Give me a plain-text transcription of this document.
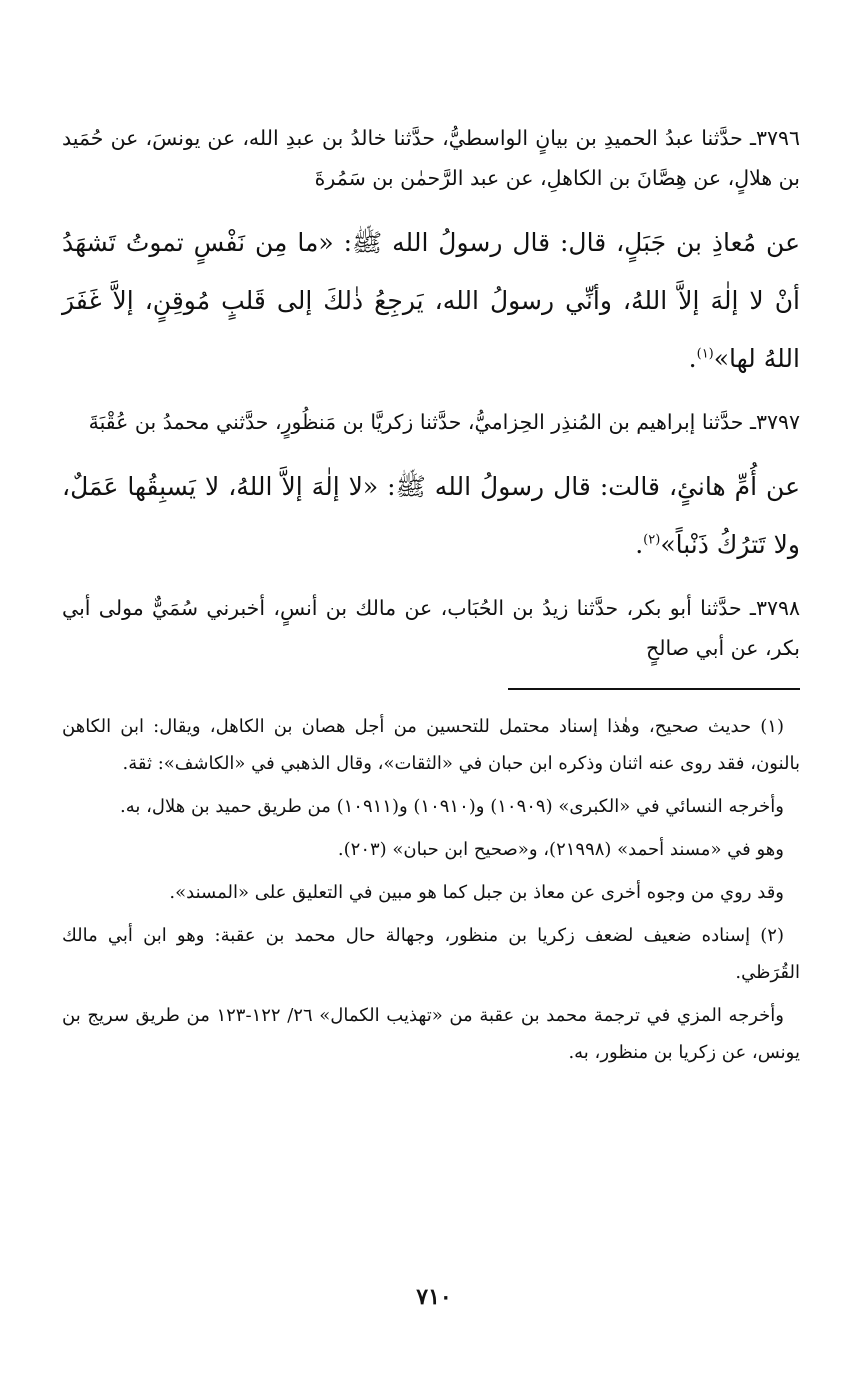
٣٧٩٦ـ حدَّثنا عبدُ الحميدِ بن بيانٍ الواسطيُّ، حدَّثنا خالدُ بن عبدِ الله، عن يونسَ، عن حُمَيد بن هلالٍ، عن هِصَّانَ بن الكاهلِ، عن عبد الرَّحمٰن بن سَمُرةَ

عن مُعاذِ بن جَبَلٍ، قال: قال رسولُ الله ﷺ: «ما مِن نَفْسٍ تموتُ تَشهَدُ أنْ لا إلٰهَ إلاَّ اللهُ، وأنِّي رسولُ الله، يَرجِعُ ذٰلكَ إلى قَلبٍ مُوقِنٍ، إلاَّ غَفَرَ اللهُ لها»$^{(١)}$.

٣٧٩٧ـ حدَّثنا إبراهيم بن المُنذِر الحِزاميُّ، حدَّثنا زكريَّا بن مَنظُورٍ، حدَّثني محمدُ بن عُقْبَةَ

عن أُمِّ هانئٍ، قالت: قال رسولُ الله ﷺ: «لا إلٰهَ إلاَّ اللهُ، لا يَسبِقُها عَمَلٌ، ولا تَترُكُ ذَنْباً»$^{(٢)}$.

٣٧٩٨ـ حدَّثنا أبو بكر، حدَّثنا زيدُ بن الحُبَاب، عن مالك بن أنسٍ، أخبرني سُمَيٌّ مولى أبي بكر، عن أبي صالحٍ

(١) حديث صحيح، وهٰذا إسناد محتمل للتحسين من أجل هصان بن الكاهل، ويقال: ابن الكاهن بالنون، فقد روى عنه اثنان وذكره ابن حبان في «الثقات»، وقال الذهبي في «الكاشف»: ثقة.

وأخرجه النسائي في «الكبرى» (١٠٩٠٩) و(١٠٩١٠) و(١٠٩١١) من طريق حميد بن هلال، به.

وهو في «مسند أحمد» (٢١٩٩٨)، و«صحيح ابن حبان» (٢٠٣).

وقد روي من وجوه أخرى عن معاذ بن جبل كما هو مبين في التعليق على «المسند».

(٢) إسناده ضعيف لضعف زكريا بن منظور، وجهالة حال محمد بن عقبة: وهو ابن أبي مالك القُرَظي.

وأخرجه المزي في ترجمة محمد بن عقبة من «تهذيب الكمال» ٢٦/ ١٢٢-١٢٣ من طريق سريج بن يونس، عن زكريا بن منظور، به.

٧١٠
